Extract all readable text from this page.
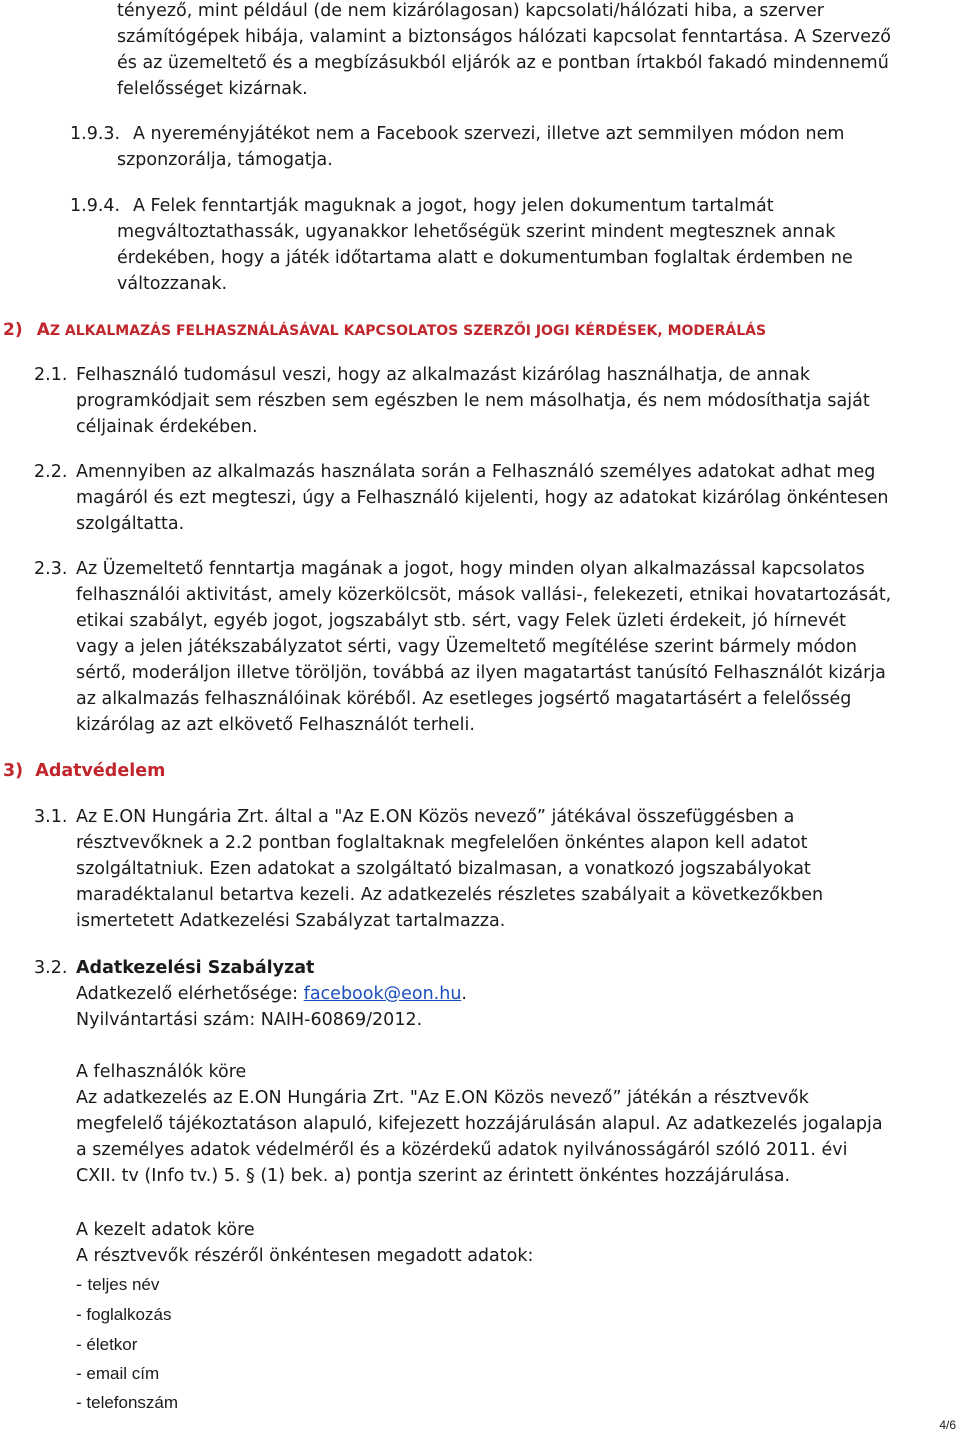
tényező, mint például (de nem kizárólagosan) kapcsolati/hálózati hiba, a szerver
számítógépek hibája, valamint a biztonságos hálózati kapcsolat fenntartása. A Szervező
és az üzemeltető és a megbízásukból eljárók az e pontban írtakból fakadó mindennemű
felelősséget kizárnak.
1.9.3. A nyereményjátékot nem a Facebook szervezi, illetve azt semmilyen módon nem
szponzorálja, támogatja.
1.9.4. A Felek fenntartják maguknak a jogot, hogy jelen dokumentum tartalmát
megváltoztathassák, ugyanakkor lehetőségük szerint mindent megtesznek annak
érdekében, hogy a játék időtartama alatt e dokumentumban foglaltak érdemben ne
változzanak.
2) AZ ALKALMAZÁS FELHASZNÁLÁSÁVAL KAPCSOLATOS SZERZŐI JOGI KÉRDÉSEK, MODERÁLÁS
2.1. Felhasználó tudomásul veszi, hogy az alkalmazást kizárólag használhatja, de annak
programkódjait sem részben sem egészben le nem másolhatja, és nem módosíthatja saját
céljainak érdekében.
2.2. Amennyiben az alkalmazás használata során a Felhasználó személyes adatokat adhat meg
magáról és ezt megteszi, úgy a Felhasználó kijelenti, hogy az adatokat kizárólag önkéntesen
szolgáltatta.
2.3. Az Üzemeltető fenntartja magának a jogot, hogy minden olyan alkalmazással kapcsolatos
felhasználói aktivitást, amely közerkölcsöt, mások vallási-, felekezeti, etnikai hovatartozását,
etikai szabályt, egyéb jogot, jogszabályt stb. sért, vagy Felek üzleti érdekeit, jó hírnevét
vagy a jelen játékszabályzatot sérti, vagy Üzemeltető megítélése szerint bármely módon
sértő, moderáljon illetve töröljön, továbbá az ilyen magatartást tanúsító Felhasználót kizárja
az alkalmazás felhasználóinak köréből. Az esetleges jogsértő magatartásért a felelősség
kizárólag az azt elkövető Felhasználót terheli.
3) Adatvédelem
3.1. Az E.ON Hungária Zrt. által a "Az E.ON Közös nevező” játékával összefüggésben a
résztvevőknek a 2.2 pontban foglaltaknak megfelelően önkéntes alapon kell adatot
szolgáltatniuk. Ezen adatokat a szolgáltató bizalmasan, a vonatkozó jogszabályokat
maradéktalanul betartva kezeli. Az adatkezelés részletes szabályait a következőkben
ismertetett Adatkezelési Szabályzat tartalmazza.
3.2. Adatkezelési Szabályzat
Adatkezelő elérhetősége: facebook@eon.hu.
Nyilvántartási szám: NAIH-60869/2012.
A felhasználók köre
Az adatkezelés az E.ON Hungária Zrt. "Az E.ON Közös nevező” játékán a résztvevők
megfelelő tájékoztatáson alapuló, kifejezett hozzájárulásán alapul. Az adatkezelés jogalapja
a személyes adatok védelméről és a közérdekű adatok nyilvánosságáról szóló 2011. évi
CXII. tv (Info tv.) 5. § (1) bek. a) pontja szerint az érintett önkéntes hozzájárulása.
A kezelt adatok köre
A résztvevők részéről önkéntesen megadott adatok:
- teljes név
- foglalkozás
- életkor
- email cím
- telefonszám
4/6
